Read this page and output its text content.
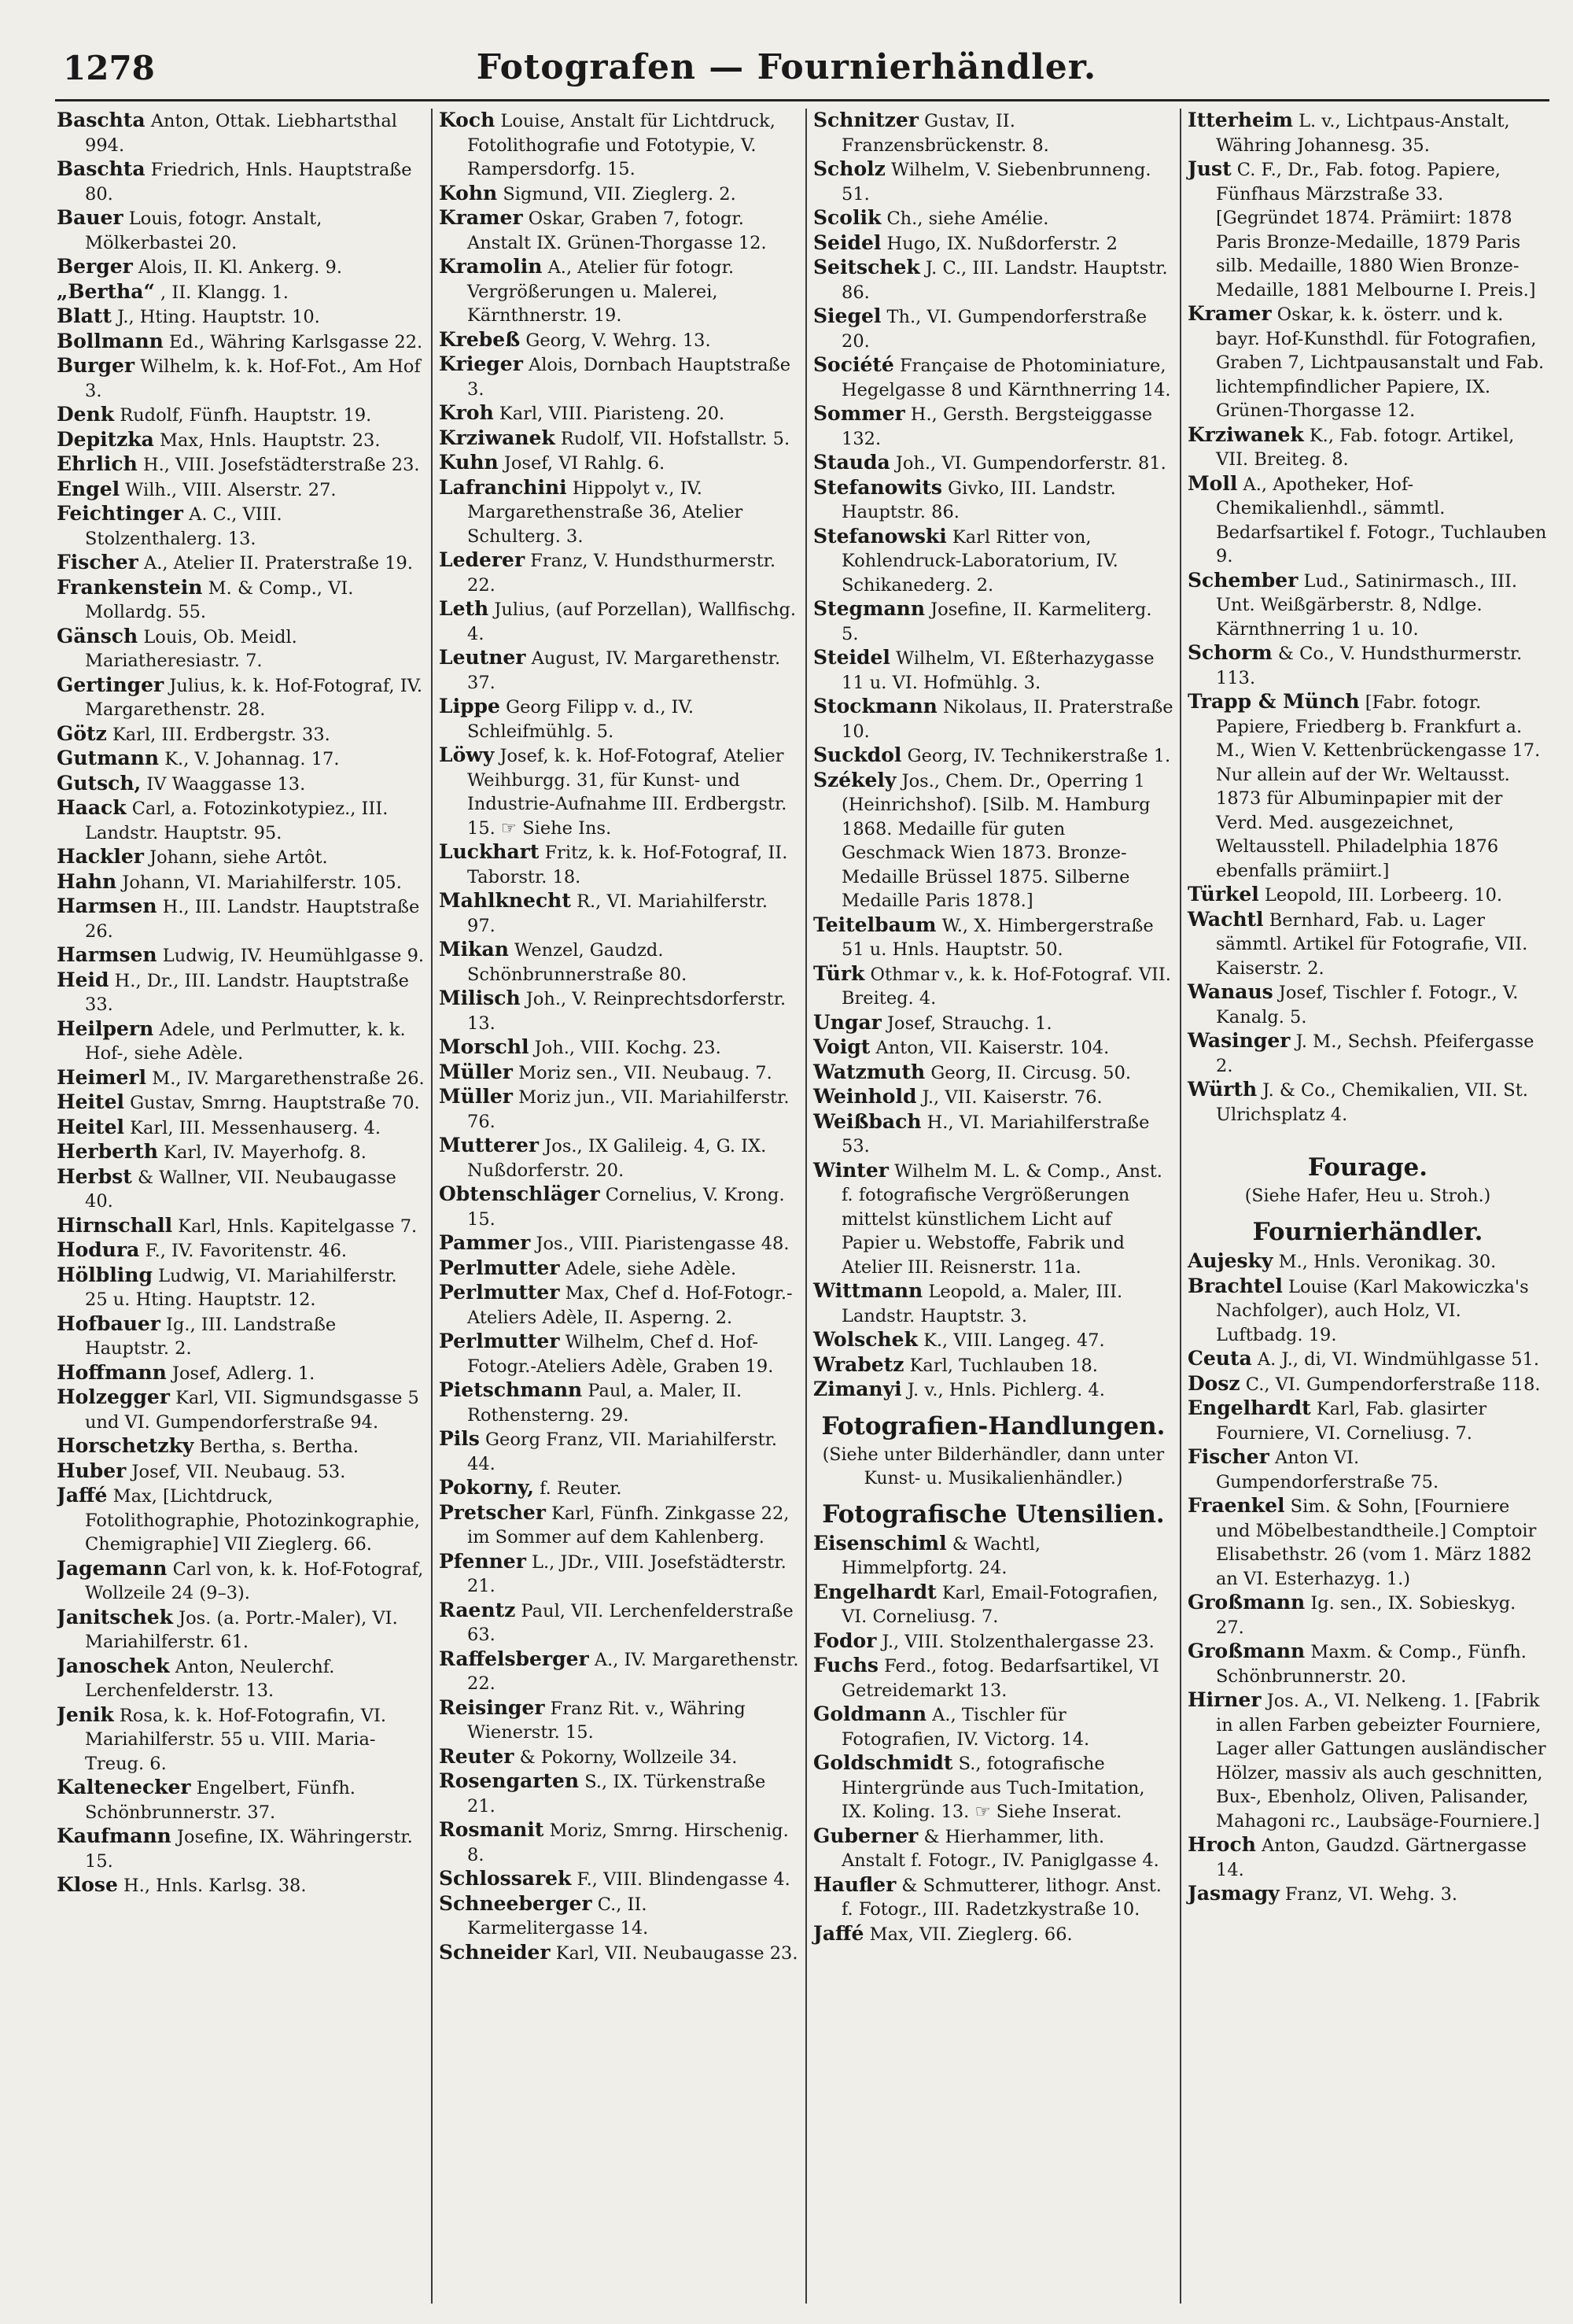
1278	Fotografen — Fournierhändler.

Baschta Anton, Ottak. Liebhartsthal 994.

Baschta Friedrich, Hnls. Hauptstraße 80.

Bauer Louis, fotogr. Anstalt, Mölkerbastei 20.

Berger Alois, II. Kl. Ankerg. 9.

„Bertha“ , II. Klangg. 1.

Blatt J., Hting. Hauptstr. 10.

Bollmann Ed., Währing Karlsgasse 22.

Burger Wilhelm, k. k. Hof-Fot., Am Hof 3.

Denk Rudolf, Fünfh. Hauptstr. 19.

Depitzka Max, Hnls. Hauptstr. 23.

Ehrlich H., VIII. Josefstädterstraße 23.

Engel Wilh., VIII. Alserstr. 27.

Feichtinger A. C., VIII. Stolzenthalerg. 13.

Fischer A., Atelier II. Praterstraße 19.

Frankenstein M. & Comp., VI. Mollardg. 55.

Gänsch Louis, Ob. Meidl. Mariatheresiastr. 7.

Gertinger Julius, k. k. Hof-Fotograf, IV. Margarethenstr. 28.

Götz Karl, III. Erdbergstr. 33.

Gutmann K., V. Johannag. 17.

Gutsch, IV Waaggasse 13.

Haack Carl, a. Fotozinkotypiez., III. Landstr. Hauptstr. 95.

Hackler Johann, siehe Artôt.

Hahn Johann, VI. Mariahilferstr. 105.

Harmsen H., III. Landstr. Hauptstraße 26.

Harmsen Ludwig, IV. Heumühlgasse 9.

Heid H., Dr., III. Landstr. Hauptstraße 33.

Heilpern Adele, und Perlmutter, k. k. Hof-, siehe Adèle.

Heimerl M., IV. Margarethenstraße 26.

Heitel Gustav, Smrng. Hauptstraße 70.

Heitel Karl, III. Messenhauserg. 4.

Herberth Karl, IV. Mayerhofg. 8.

Herbst & Wallner, VII. Neubaugasse 40.

Hirnschall Karl, Hnls. Kapitelgasse 7.

Hodura F., IV. Favoritenstr. 46.

Hölbling Ludwig, VI. Mariahilferstr. 25 u. Hting. Hauptstr. 12.

Hofbauer Ig., III. Landstraße Hauptstr. 2.

Hoffmann Josef, Adlerg. 1.

Holzegger Karl, VII. Sigmundsgasse 5 und VI. Gumpendorferstraße 94.

Horschetzky Bertha, s. Bertha.

Huber Josef, VII. Neubaug. 53.

Jaffé Max, [Lichtdruck, Fotolithographie, Photozinkographie, Chemigraphie] VII Zieglerg. 66.

Jagemann Carl von, k. k. Hof-Fotograf, Wollzeile 24 (9–3).

Janitschek Jos. (a. Portr.-Maler), VI. Mariahilferstr. 61.

Janoschek Anton, Neulerchf. Lerchenfelderstr. 13.

Jenik Rosa, k. k. Hof-Fotografin, VI. Mariahilferstr. 55 u. VIII. Maria-Treug. 6.

Kaltenecker Engelbert, Fünfh. Schönbrunnerstr. 37.

Kaufmann Josefine, IX. Währingerstr. 15.

Klose H., Hnls. Karlsg. 38.

Koch Louise, Anstalt für Lichtdruck, Fotolithografie und Fototypie, V. Rampersdorfg. 15.

Kohn Sigmund, VII. Zieglerg. 2.

Kramer Oskar, Graben 7, fotogr. Anstalt IX. Grünen-Thorgasse 12.

Kramolin A., Atelier für fotogr. Vergrößerungen u. Malerei, Kärnthnerstr. 19.

Krebeß Georg, V. Wehrg. 13.

Krieger Alois, Dornbach Hauptstraße 3.

Kroh Karl, VIII. Piaristeng. 20.

Krziwanek Rudolf, VII. Hofstallstr. 5.

Kuhn Josef, VI Rahlg. 6.

Lafranchini Hippolyt v., IV. Margarethenstraße 36, Atelier Schulterg. 3.

Lederer Franz, V. Hundsthurmerstr. 22.

Leth Julius, (auf Porzellan), Wallfischg. 4.

Leutner August, IV. Margarethenstr. 37.

Lippe Georg Filipp v. d., IV. Schleifmühlg. 5.

Löwy Josef, k. k. Hof-Fotograf, Atelier Weihburgg. 31, für Kunst- und Industrie-Aufnahme III. Erdbergstr. 15. ☞ Siehe Ins.

Luckhart Fritz, k. k. Hof-Fotograf, II. Taborstr. 18.

Mahlknecht R., VI. Mariahilferstr. 97.

Mikan Wenzel, Gaudzd. Schönbrunnerstraße 80.

Milisch Joh., V. Reinprechtsdorferstr. 13.

Morschl Joh., VIII. Kochg. 23.

Müller Moriz sen., VII. Neubaug. 7.

Müller Moriz jun., VII. Mariahilferstr. 76.

Mutterer Jos., IX Galileig. 4, G. IX. Nußdorferstr. 20.

Obtenschläger Cornelius, V. Krong. 15.

Pammer Jos., VIII. Piaristengasse 48.

Perlmutter Adele, siehe Adèle.

Perlmutter Max, Chef d. Hof-Fotogr.-Ateliers Adèle, II. Asperng. 2.

Perlmutter Wilhelm, Chef d. Hof-Fotogr.-Ateliers Adèle, Graben 19.

Pietschmann Paul, a. Maler, II. Rothensterng. 29.

Pils Georg Franz, VII. Mariahilferstr. 44.

Pokorny, f. Reuter.

Pretscher Karl, Fünfh. Zinkgasse 22, im Sommer auf dem Kahlenberg.

Pfenner L., JDr., VIII. Josefstädterstr. 21.

Raentz Paul, VII. Lerchenfelderstraße 63.

Raffelsberger A., IV. Margarethenstr. 22.

Reisinger Franz Rit. v., Währing Wienerstr. 15.

Reuter & Pokorny, Wollzeile 34.

Rosengarten S., IX. Türkenstraße 21.

Rosmanit Moriz, Smrng. Hirschenig. 8.

Schlossarek F., VIII. Blindengasse 4.

Schneeberger C., II. Karmelitergasse 14.

Schneider Karl, VII. Neubaugasse 23.

Schnitzer Gustav, II. Franzensbrückenstr. 8.

Scholz Wilhelm, V. Siebenbrunneng. 51.

Scolik Ch., siehe Amélie.

Seidel Hugo, IX. Nußdorferstr. 2

Seitschek J. C., III. Landstr. Hauptstr. 86.

Siegel Th., VI. Gumpendorferstraße 20.

Société Française de Photominiature, Hegelgasse 8 und Kärnthnerring 14.

Sommer H., Gersth. Bergsteiggasse 132.

Stauda Joh., VI. Gumpendorferstr. 81.

Stefanowits Givko, III. Landstr. Hauptstr. 86.

Stefanowski Karl Ritter von, Kohlendruck-Laboratorium, IV. Schikanederg. 2.

Stegmann Josefine, II. Karmeliterg. 5.

Steidel Wilhelm, VI. Eßterhazygasse 11 u. VI. Hofmühlg. 3.

Stockmann Nikolaus, II. Praterstraße 10.

Suckdol Georg, IV. Technikerstraße 1.

Székely Jos., Chem. Dr., Operring 1 (Heinrichshof). [Silb. M. Hamburg 1868. Medaille für guten Geschmack Wien 1873. Bronze-Medaille Brüssel 1875. Silberne Medaille Paris 1878.]

Teitelbaum W., X. Himbergerstraße 51 u. Hnls. Hauptstr. 50.

Türk Othmar v., k. k. Hof-Fotograf. VII. Breiteg. 4.

Ungar Josef, Strauchg. 1.

Voigt Anton, VII. Kaiserstr. 104.

Watzmuth Georg, II. Circusg. 50.

Weinhold J., VII. Kaiserstr. 76.

Weißbach H., VI. Mariahilferstraße 53.

Winter Wilhelm M. L. & Comp., Anst. f. fotografische Vergrößerungen mittelst künstlichem Licht auf Papier u. Webstoffe, Fabrik und Atelier III. Reisnerstr. 11a.

Wittmann Leopold, a. Maler, III. Landstr. Hauptstr. 3.

Wolschek K., VIII. Langeg. 47.

Wrabetz Karl, Tuchlauben 18.

Zimanyi J. v., Hnls. Pichlerg. 4.

Fotografien-Handlungen.
(Siehe unter Bilderhändler, dann unter Kunst- u. Musikalienhändler.)
Fotografische Utensilien.

Eisenschiml & Wachtl, Himmelpfortg. 24.

Engelhardt Karl, Email-Fotografien, VI. Corneliusg. 7.

Fodor J., VIII. Stolzenthalergasse 23.

Fuchs Ferd., fotog. Bedarfsartikel, VI Getreidemarkt 13.

Goldmann A., Tischler für Fotografien, IV. Victorg. 14.

Goldschmidt S., fotografische Hintergründe aus Tuch-Imitation, IX. Koling. 13. ☞ Siehe Inserat.

Guberner & Hierhammer, lith. Anstalt f. Fotogr., IV. Paniglgasse 4.

Haufler & Schmutterer, lithogr. Anst. f. Fotogr., III. Radetzkystraße 10.

Jaffé Max, VII. Zieglerg. 66.

Itterheim L. v., Lichtpaus-Anstalt, Währing Johannesg. 35.

Just C. F., Dr., Fab. fotog. Papiere, Fünfhaus Märzstraße 33. [Gegründet 1874. Prämiirt: 1878 Paris Bronze-Medaille, 1879 Paris silb. Medaille, 1880 Wien Bronze-Medaille, 1881 Melbourne I. Preis.]

Kramer Oskar, k. k. österr. und k. bayr. Hof-Kunsthdl. für Fotografien, Graben 7, Lichtpausanstalt und Fab. lichtempfindlicher Papiere, IX. Grünen-Thorgasse 12.

Krziwanek K., Fab. fotogr. Artikel, VII. Breiteg. 8.

Moll A., Apotheker, Hof-Chemikalienhdl., sämmtl. Bedarfsartikel f. Fotogr., Tuchlauben 9.

Schember Lud., Satinirmasch., III. Unt. Weißgärberstr. 8, Ndlge. Kärnthnerring 1 u. 10.

Schorm & Co., V. Hundsthurmerstr. 113.

Trapp & Münch [Fabr. fotogr. Papiere, Friedberg b. Frankfurt a. M., Wien V. Kettenbrückengasse 17. Nur allein auf der Wr. Weltausst. 1873 für Albuminpapier mit der Verd. Med. ausgezeichnet, Weltausstell. Philadelphia 1876 ebenfalls prämiirt.]

Türkel Leopold, III. Lorbeerg. 10.

Wachtl Bernhard, Fab. u. Lager sämmtl. Artikel für Fotografie, VII. Kaiserstr. 2.

Wanaus Josef, Tischler f. Fotogr., V. Kanalg. 5.

Wasinger J. M., Sechsh. Pfeifergasse 2.

Würth J. & Co., Chemikalien, VII. St. Ulrichsplatz 4.

Fourage.
(Siehe Hafer, Heu u. Stroh.)
Fournierhändler.

Aujesky M., Hnls. Veronikag. 30.

Brachtel Louise (Karl Makowiczka's Nachfolger), auch Holz, VI. Luftbadg. 19.

Ceuta A. J., di, VI. Windmühlgasse 51.

Dosz C., VI. Gumpendorferstraße 118.

Engelhardt Karl, Fab. glasirter Fourniere, VI. Corneliusg. 7.

Fischer Anton VI. Gumpendorferstraße 75.

Fraenkel Sim. & Sohn, [Fourniere und Möbelbestandtheile.] Comptoir Elisabethstr. 26 (vom 1. März 1882 an VI. Esterhazyg. 1.)

Großmann Ig. sen., IX. Sobieskyg. 27.

Großmann Maxm. & Comp., Fünfh. Schönbrunnerstr. 20.

Hirner Jos. A., VI. Nelkeng. 1. [Fabrik in allen Farben gebeizter Fourniere, Lager aller Gattungen ausländischer Hölzer, massiv als auch geschnitten, Bux-, Ebenholz, Oliven, Palisander, Mahagoni rc., Laubsäge-Fourniere.]

Hroch Anton, Gaudzd. Gärtnergasse 14.

Jasmagy Franz, VI. Wehg. 3.
